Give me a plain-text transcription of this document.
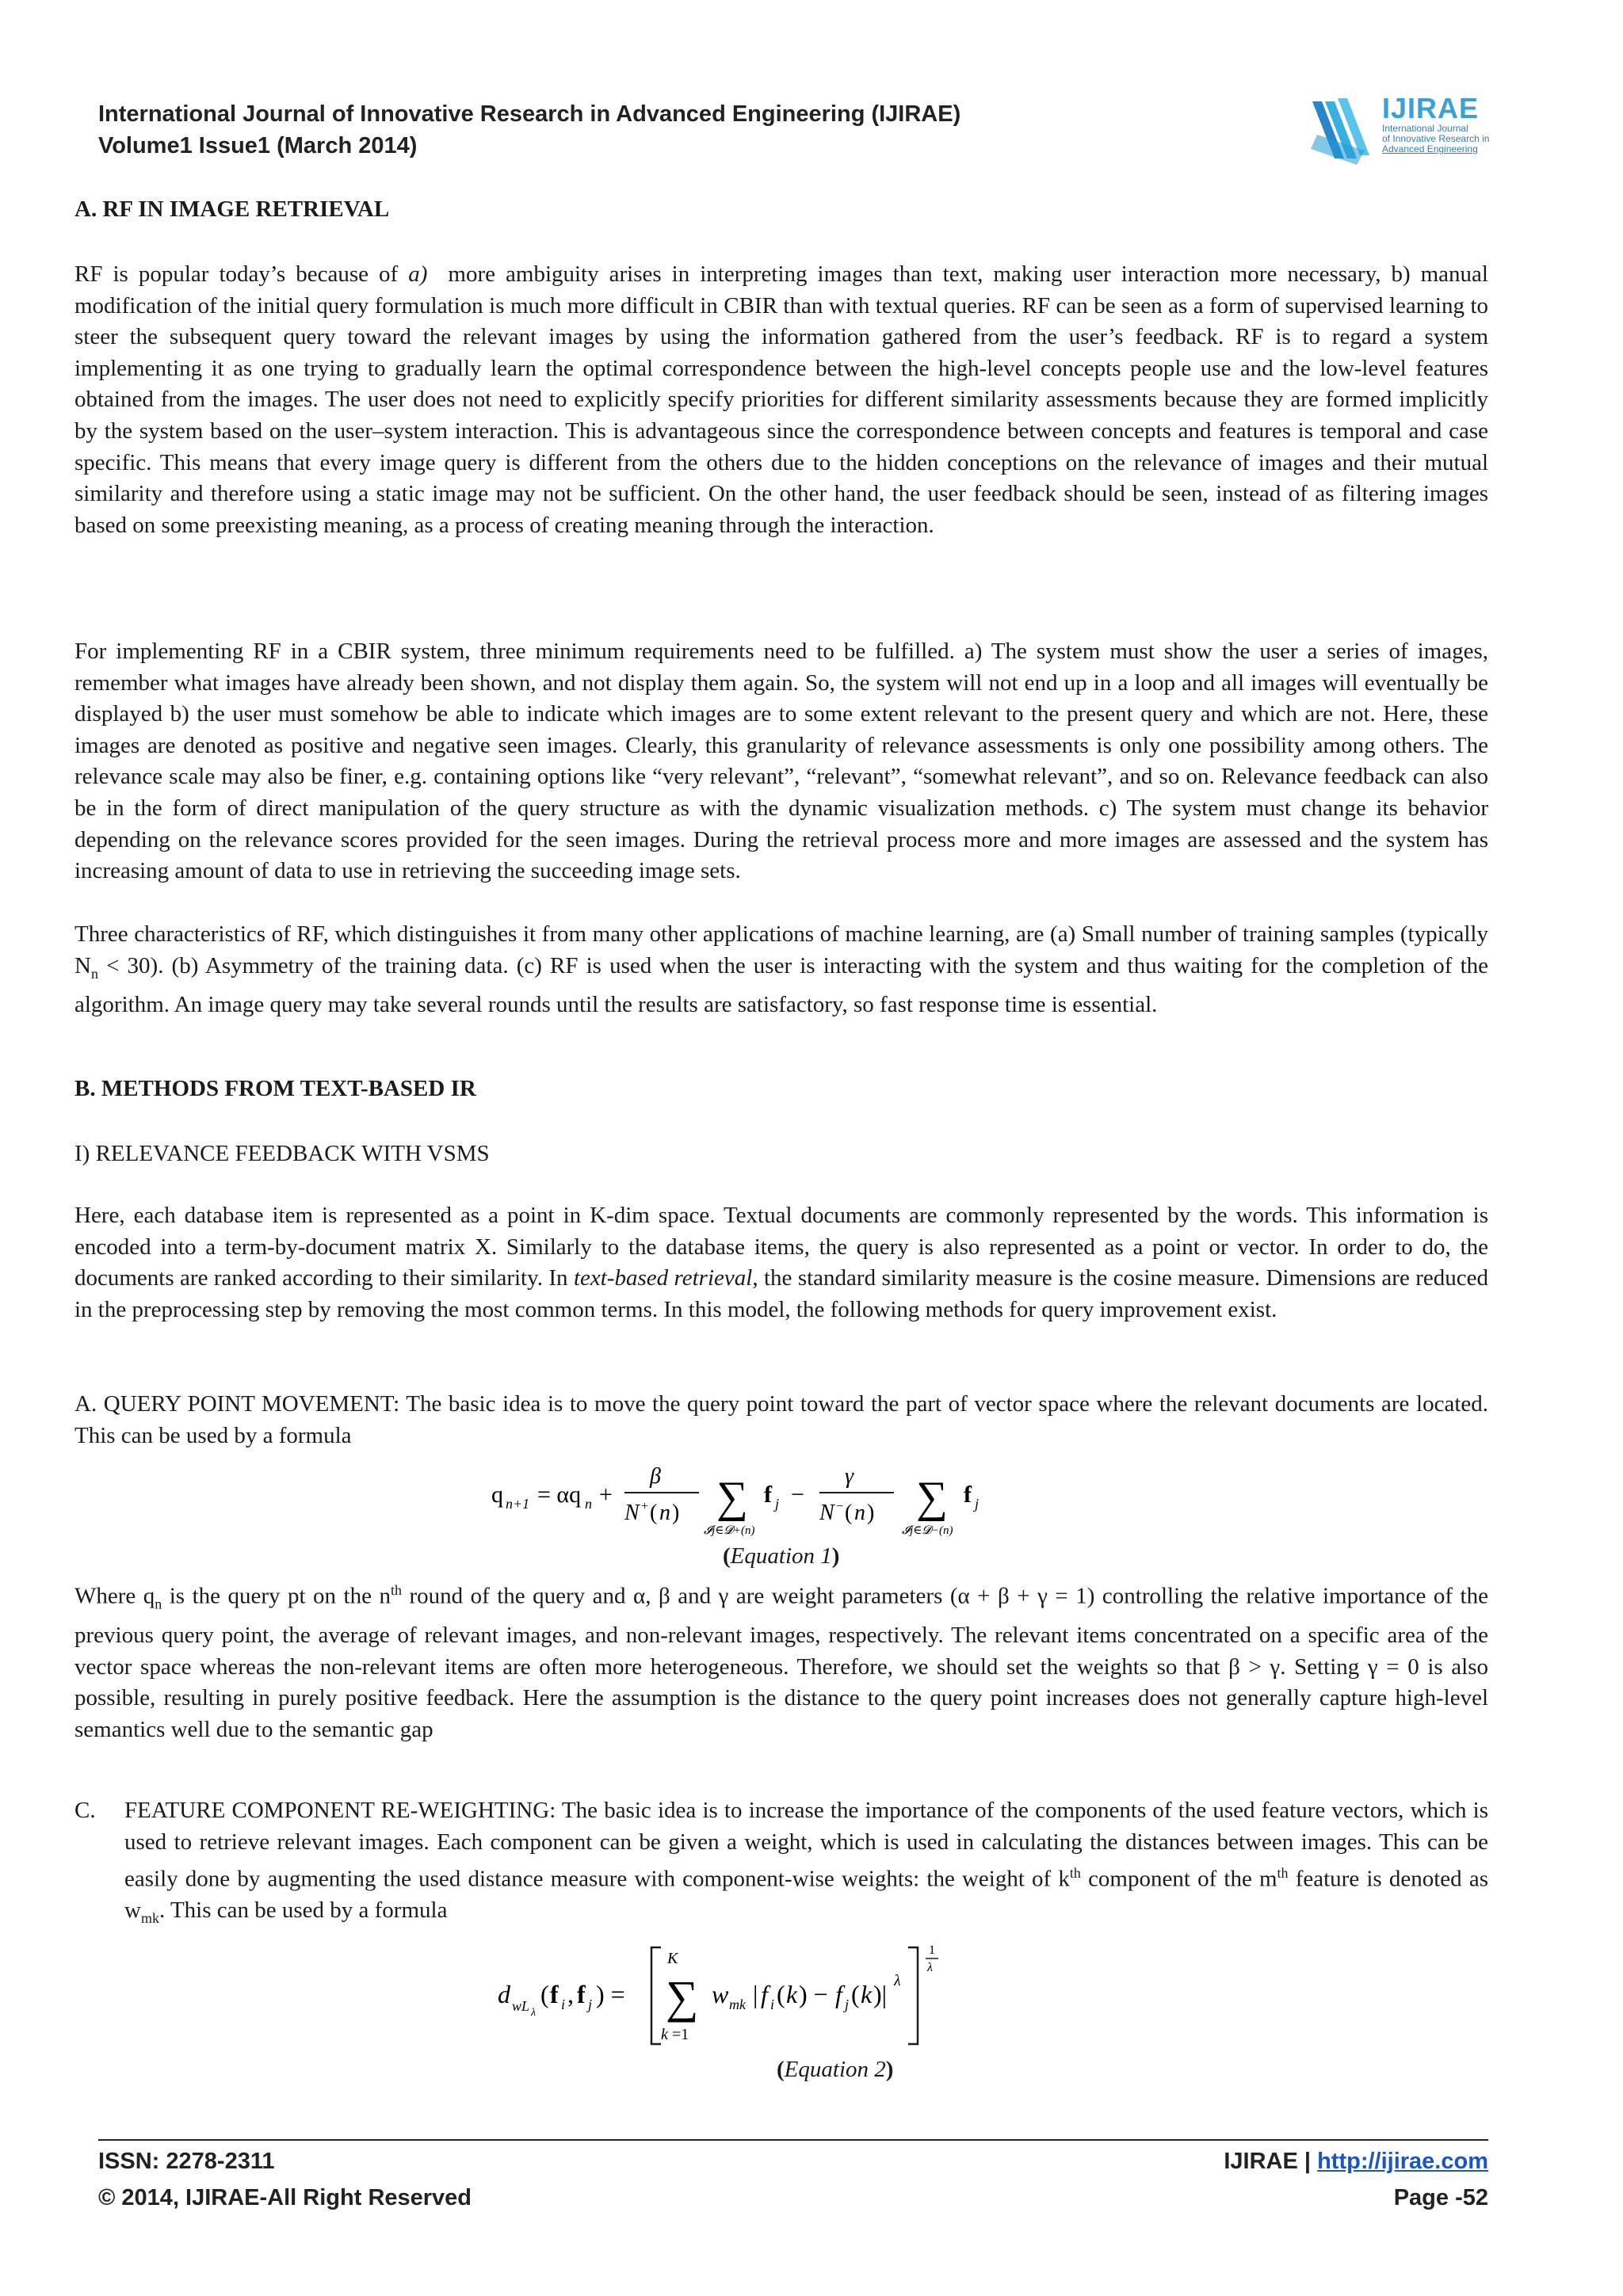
International Journal of Innovative Research in Advanced Engineering (IJIRAE)
Volume1 Issue1 (March 2014)
IJIRAE
International Journal
of Innovative Research in
Advanced Engineering
A. RF IN IMAGE RETRIEVAL
RF is popular today’s because of a)  more ambiguity arises in interpreting images than text, making user interaction more necessary, b) manual modification of the initial query formulation is much more difficult in CBIR than with textual queries. RF can be seen as a form of supervised learning to steer the subsequent query toward the relevant images by using the information gathered from the user’s feedback. RF is to regard a system implementing it as one trying to gradually learn the optimal correspondence between the high-level concepts people use and the low-level features obtained from the images. The user does not need to explicitly specify priorities for different similarity assessments because they are formed implicitly by the system based on the user–system interaction. This is advantageous since the correspondence between concepts and features is temporal and case specific. This means that every image query is different from the others due to the hidden conceptions on the relevance of images and their mutual similarity and therefore using a static image may not be sufficient. On the other hand, the user feedback should be seen, instead of as filtering images based on some preexisting meaning, as a process of creating meaning through the interaction.
For implementing RF in a CBIR system, three minimum requirements need to be fulfilled. a) The system must show the user a series of images, remember what images have already been shown, and not display them again. So, the system will not end up in a loop and all images will eventually be displayed b) the user must somehow be able to indicate which images are to some extent relevant to the present query and which are not. Here, these images are denoted as positive and negative seen images. Clearly, this granularity of relevance assessments is only one possibility among others. The relevance scale may also be finer, e.g. containing options like “very relevant”, “relevant”, “somewhat relevant”, and so on. Relevance feedback can also be in the form of direct manipulation of the query structure as with the dynamic visualization methods. c) The system must change its behavior depending on the relevance scores provided for the seen images. During the retrieval process more and more images are assessed and the system has increasing amount of data to use in retrieving the succeeding image sets.
Three characteristics of RF, which distinguishes it from many other applications of machine learning, are (a) Small number of training samples (typically $N_n < 30$). (b) Asymmetry of the training data. (c) RF is used when the user is interacting with the system and thus waiting for the completion of the algorithm. An image query may take several rounds until the results are satisfactory, so fast response time is essential.
B. METHODS FROM TEXT-BASED IR
I) RELEVANCE FEEDBACK WITH VSMS
Here, each database item is represented as a point in K-dim space. Textual documents are commonly represented by the words. This information is encoded into a term-by-document matrix X. Similarly to the database items, the query is also represented as a point or vector. In order to do, the documents are ranked according to their similarity. In text-based retrieval, the standard similarity measure is the cosine measure. Dimensions are reduced in the preprocessing step by removing the most common terms. In this model, the following methods for query improvement exist.
A. QUERY POINT MOVEMENT: The basic idea is to move the query point toward the part of vector space where the relevant documents are located. This can be used by a formula
q n+1 = αq n +
β
N + ( n ) ∑
𝓘j∈𝓓+(n)
f j −
γ
N − ( n ) ∑
𝓘j∈𝓓−(n)
f j
(Equation 1)
Where $q_n$ is the query pt on the $n^{th}$ round of the query and α, β and γ are weight parameters (α + β + γ = 1) controlling the relative importance of the previous query point, the average of relevant images, and non-relevant images, respectively. The relevant items concentrated on a specific area of the vector space whereas the non-relevant items are often more heterogeneous. Therefore, we should set the weights so that β > γ. Setting γ = 0 is also possible, resulting in purely positive feedback. Here the assumption is the distance to the query point increases does not generally capture high-level semantics well due to the semantic gap
C. FEATURE COMPONENT RE-WEIGHTING: The basic idea is to increase the importance of the components of the used feature vectors, which is used to retrieve relevant images. Each component can be given a weight, which is used in calculating the distances between images. This can be easily done by augmenting the used distance measure with component-wise weights: the weight of $k^{th}$ component of the $m^{th}$ feature is denoted as $w_{mk}$. This can be used by a formula
d wL λ
( f i , f j ) =
K
∑
k =1
w mk | f i ( k ) − f j ( k )| λ
1
λ
(Equation 2)
ISSN: 2278-2311
© 2014, IJIRAE-All Right Reserved
IJIRAE | http://ijirae.com
Page -52
